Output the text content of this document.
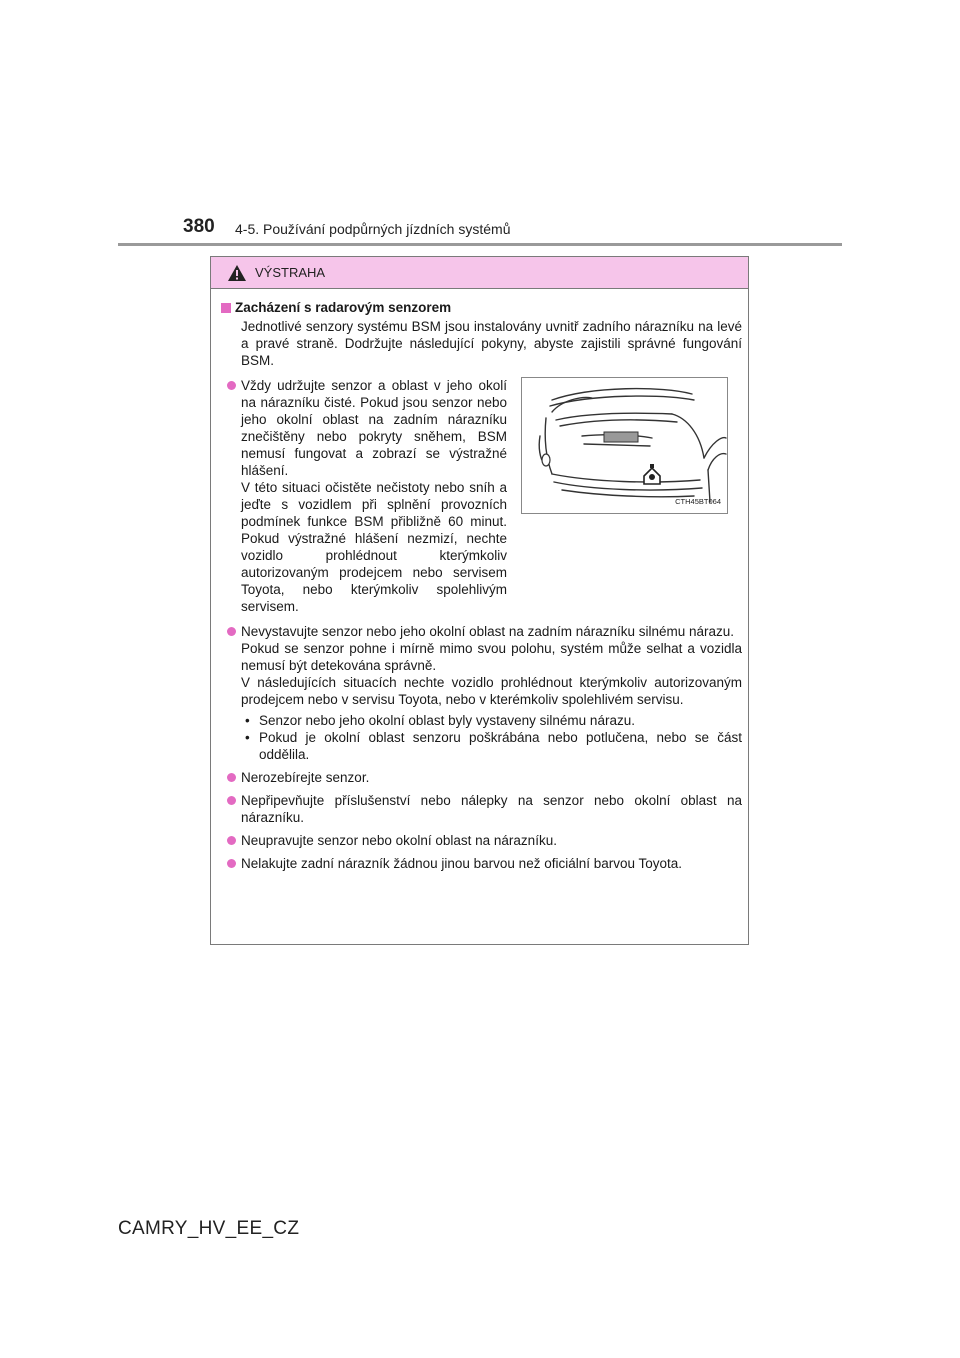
380 4-5. Používání podpůrných jízdních systémů
VÝSTRAHA
Zacházení s radarovým senzorem
Jednotlivé senzory systému BSM jsou instalovány uvnitř zadního nárazníku na levé a pravé straně. Dodržujte následující pokyny, abyste zajistili správné fungování BSM.

Vždy udržujte senzor a oblast v jeho okolí na nárazníku čisté. Pokud jsou senzor nebo jeho okolní oblast na zadním nárazníku znečištěny nebo pokryty sněhem, BSM nemusí fungovat a zobrazí se výstražné hlášení.

V této situaci očistěte nečistoty nebo sníh a jeďte s vozidlem při splnění provozních podmínek funkce BSM přibližně 60 minut. Pokud výstražné hlášení nezmizí, nechte vozidlo prohlédnout kterýmkoliv autorizovaným prodejcem nebo servisem Toyota, nebo kterýmkoliv spolehlivým servisem.

CTH45BT064

Nevystavujte senzor nebo jeho okolní oblast na zadním nárazníku silnému nárazu.

Pokud se senzor pohne i mírně mimo svou polohu, systém může selhat a vozidla nemusí být detekována správně.

V následujících situacích nechte vozidlo prohlédnout kterýmkoliv autorizovaným prodejcem nebo v servisu Toyota, nebo v kterémkoliv spolehlivém servisu.

• Senzor nebo jeho okolní oblast byly vystaveny silnému nárazu.
• Pokud je okolní oblast senzoru poškrábána nebo potlučena, nebo se část oddělila.
Nerozebírejte senzor.
Nepřipevňujte příslušenství nebo nálepky na senzor nebo okolní oblast na nárazníku.
Neupravujte senzor nebo okolní oblast na nárazníku.
Nelakujte zadní nárazník žádnou jinou barvou než oficiální barvou Toyota.
CAMRY_HV_EE_CZ
